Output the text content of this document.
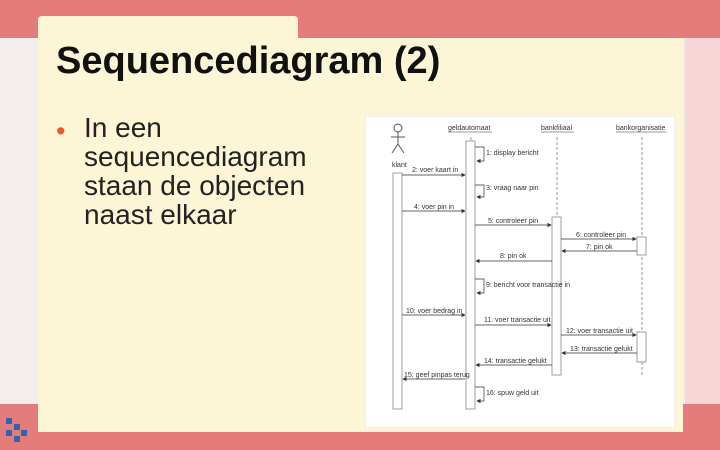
Sequencediagram (2)
• In een sequencediagram staan de objecten naast elkaar
klant
geldautomaat	bankfiliaal	bankorganisatie
1: display bericht
2: voer kaart in
3: vraag naar pin
4: voer pin in
5: controleer pin
6: controleer pin
7: pin ok
8: pin ok
9: bericht voor transactie in
10: voer bedrag in
11: voer transactie uit
12: voer transactie uit
13: transactie gelukt
14: transactie gelukt
15: geef pinpas terug
16: spuw geld uit
